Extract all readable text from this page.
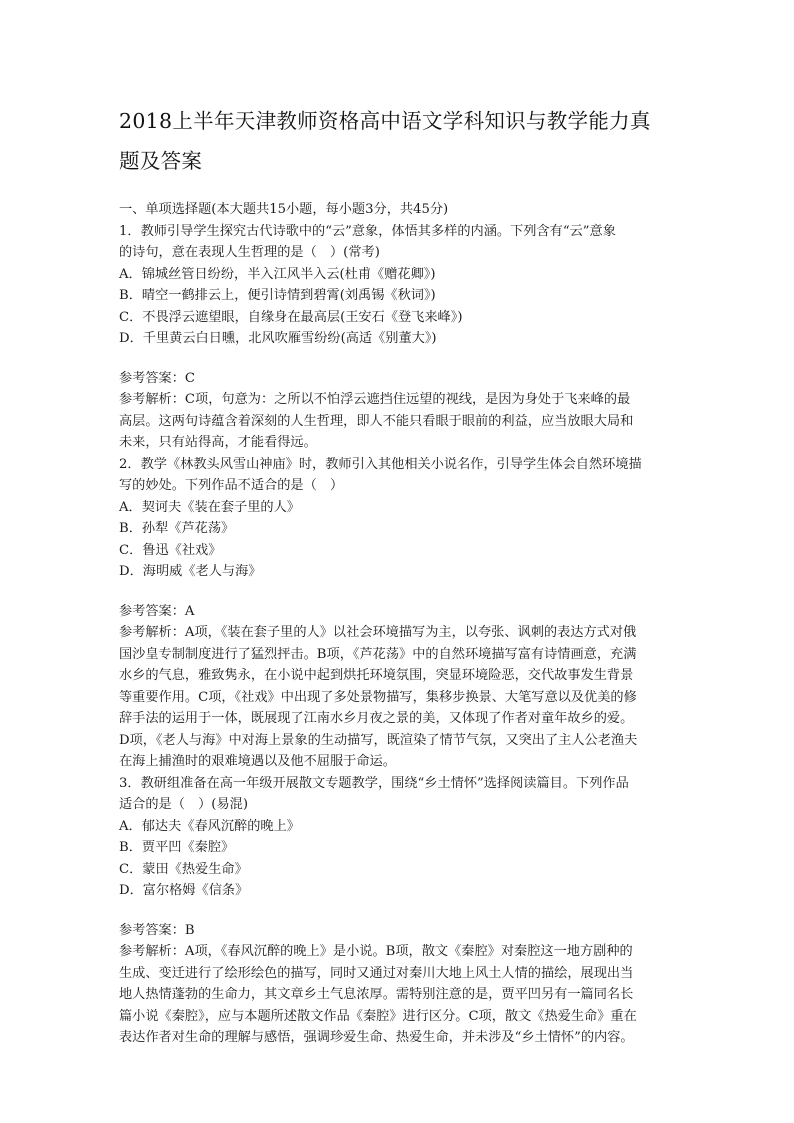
2018上半年天津教师资格高中语文学科知识与教学能力真
题及答案
一、单项选择题(本大题共15小题，每小题3分，共45分)
1．教师引导学生探究古代诗歌中的“云”意象，体悟其多样的内涵。下列含有“云”意象
的诗句，意在表现人生哲理的是（　）(常考)
A．锦城丝管日纷纷，半入江风半入云(杜甫《赠花卿》)
B．晴空一鹤排云上，便引诗情到碧霄(刘禹锡《秋词》)
C．不畏浮云遮望眼，自缘身在最高层(王安石《登飞来峰》)
D．千里黄云白日曛，北风吹雁雪纷纷(高适《别董大》)
参考答案：C
参考解析：C项，句意为：之所以不怕浮云遮挡住远望的视线，是因为身处于飞来峰的最
高层。这两句诗蕴含着深刻的人生哲理，即人不能只看眼于眼前的利益，应当放眼大局和
未来，只有站得高，才能看得远。
2．教学《林教头风雪山神庙》时，教师引入其他相关小说名作，引导学生体会自然环境描
写的妙处。下列作品不适合的是（　）
A．契诃夫《装在套子里的人》
B．孙犁《芦花荡》
C．鲁迅《社戏》
D．海明威《老人与海》
参考答案：A
参考解析：A项，《装在套子里的人》以社会环境描写为主，以夸张、讽刺的表达方式对俄
国沙皇专制制度进行了猛烈抨击。B项，《芦花荡》中的自然环境描写富有诗情画意，充满
水乡的气息，雅致隽永，在小说中起到烘托环境氛围，突显环境险恶，交代故事发生背景
等重要作用。C项，《社戏》中出现了多处景物描写，集移步换景、大笔写意以及优美的修
辞手法的运用于一体，既展现了江南水乡月夜之景的美，又体现了作者对童年故乡的爱。
D项，《老人与海》中对海上景象的生动描写，既渲染了情节气氛，又突出了主人公老渔夫
在海上捕渔时的艰难境遇以及他不屈服于命运。
3．教研组准备在高一年级开展散文专题教学，围绕“乡土情怀”选择阅读篇目。下列作品
适合的是（　）(易混)
A．郁达夫《春风沉醉的晚上》
B．贾平凹《秦腔》
C．蒙田《热爱生命》
D．富尔格姆《信条》
参考答案：B
参考解析：A项，《春风沉醉的晚上》是小说。B项，散文《秦腔》对秦腔这一地方剧种的
生成、变迁进行了绘形绘色的描写，同时又通过对秦川大地上风土人情的描绘，展现出当
地人热情蓬勃的生命力，其文章乡土气息浓厚。需特别注意的是，贾平凹另有一篇同名长
篇小说《秦腔》，应与本题所述散文作品《秦腔》进行区分。C项，散文《热爱生命》重在
表达作者对生命的理解与感悟，强调珍爱生命、热爱生命，并未涉及“乡土情怀”的内容。
